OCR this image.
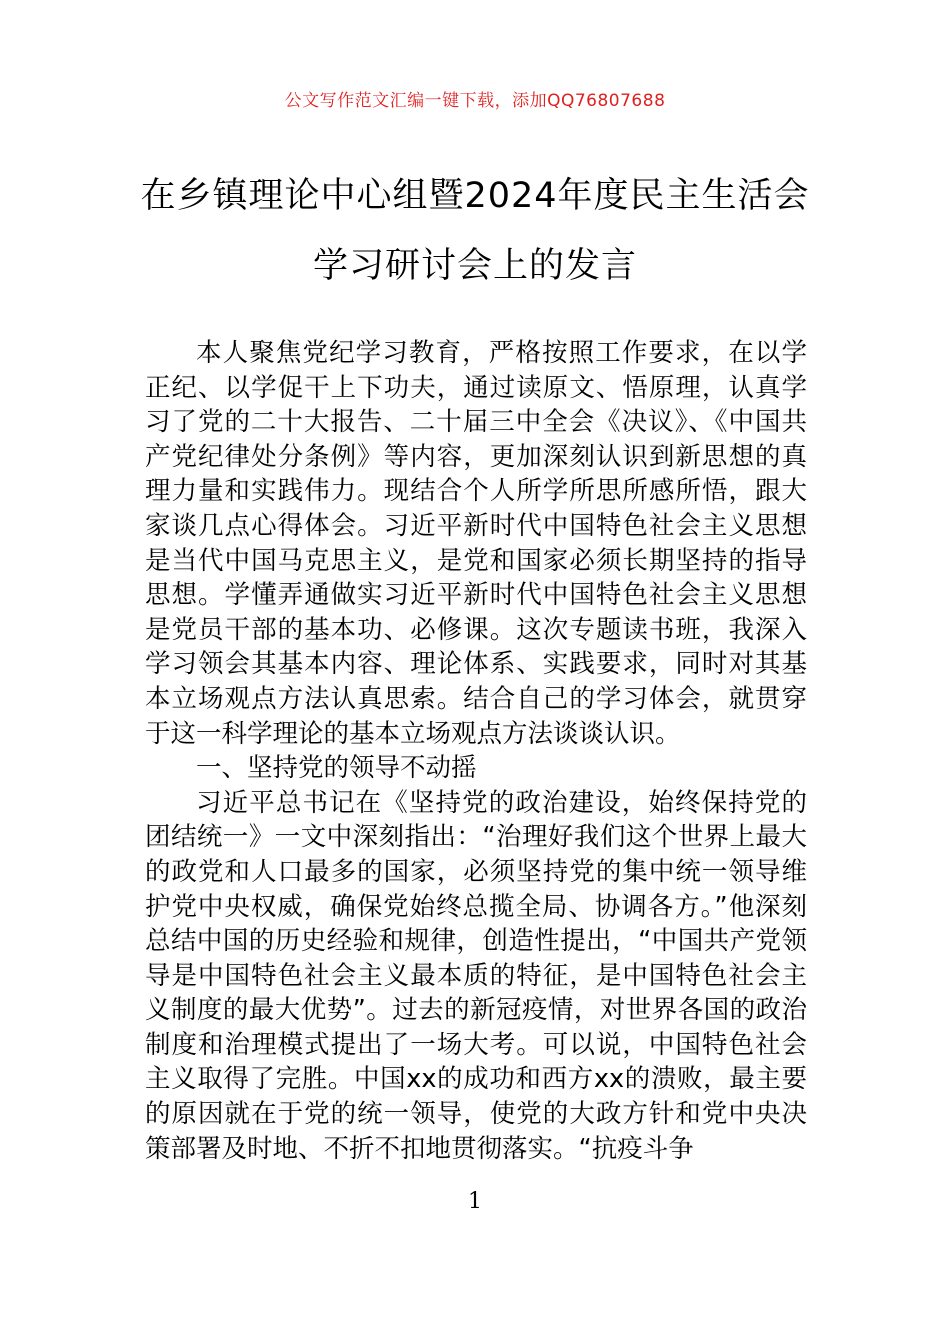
公文写作范文汇编一键下载，添加QQ76807688
在乡镇理论中心组暨2024年度民主生活会
学习研讨会上的发言

本人聚焦党纪学习教育，严格按照工作要求，在以学正纪、以学促干上下功夫，通过读原文、悟原理，认真学习了党的二十大报告、二十届三中全会《决议》、《中国共产党纪律处分条例》等内容，更加深刻认识到新思想的真理力量和实践伟力。现结合个人所学所思所感所悟，跟大家谈几点心得体会。习近平新时代中国特色社会主义思想是当代中国马克思主义，是党和国家必须长期坚持的指导思想。学懂弄通做实习近平新时代中国特色社会主义思想是党员干部的基本功、必修课。这次专题读书班，我深入学习领会其基本内容、理论体系、实践要求，同时对其基本立场观点方法认真思索。结合自己的学习体会，就贯穿于这一科学理论的基本立场观点方法谈谈认识。

一、坚持党的领导不动摇

习近平总书记在《坚持党的政治建设，始终保持党的团结统一》一文中深刻指出：“治理好我们这个世界上最大的政党和人口最多的国家，必须坚持党的集中统一领导维护党中央权威，确保党始终总揽全局、协调各方。”他深刻总结中国的历史经验和规律，创造性提出，“中国共产党领导是中国特色社会主义最本质的特征，是中国特色社会主义制度的最大优势”。过去的新冠疫情，对世界各国的政治制度和治理模式提出了一场大考。可以说，中国特色社会主义取得了完胜。中国xx的成功和西方xx的溃败，最主要的原因就在于党的统一领导，使党的大政方针和党中央决策部署及时地、不折不扣地贯彻落实。“抗疫斗争

1
